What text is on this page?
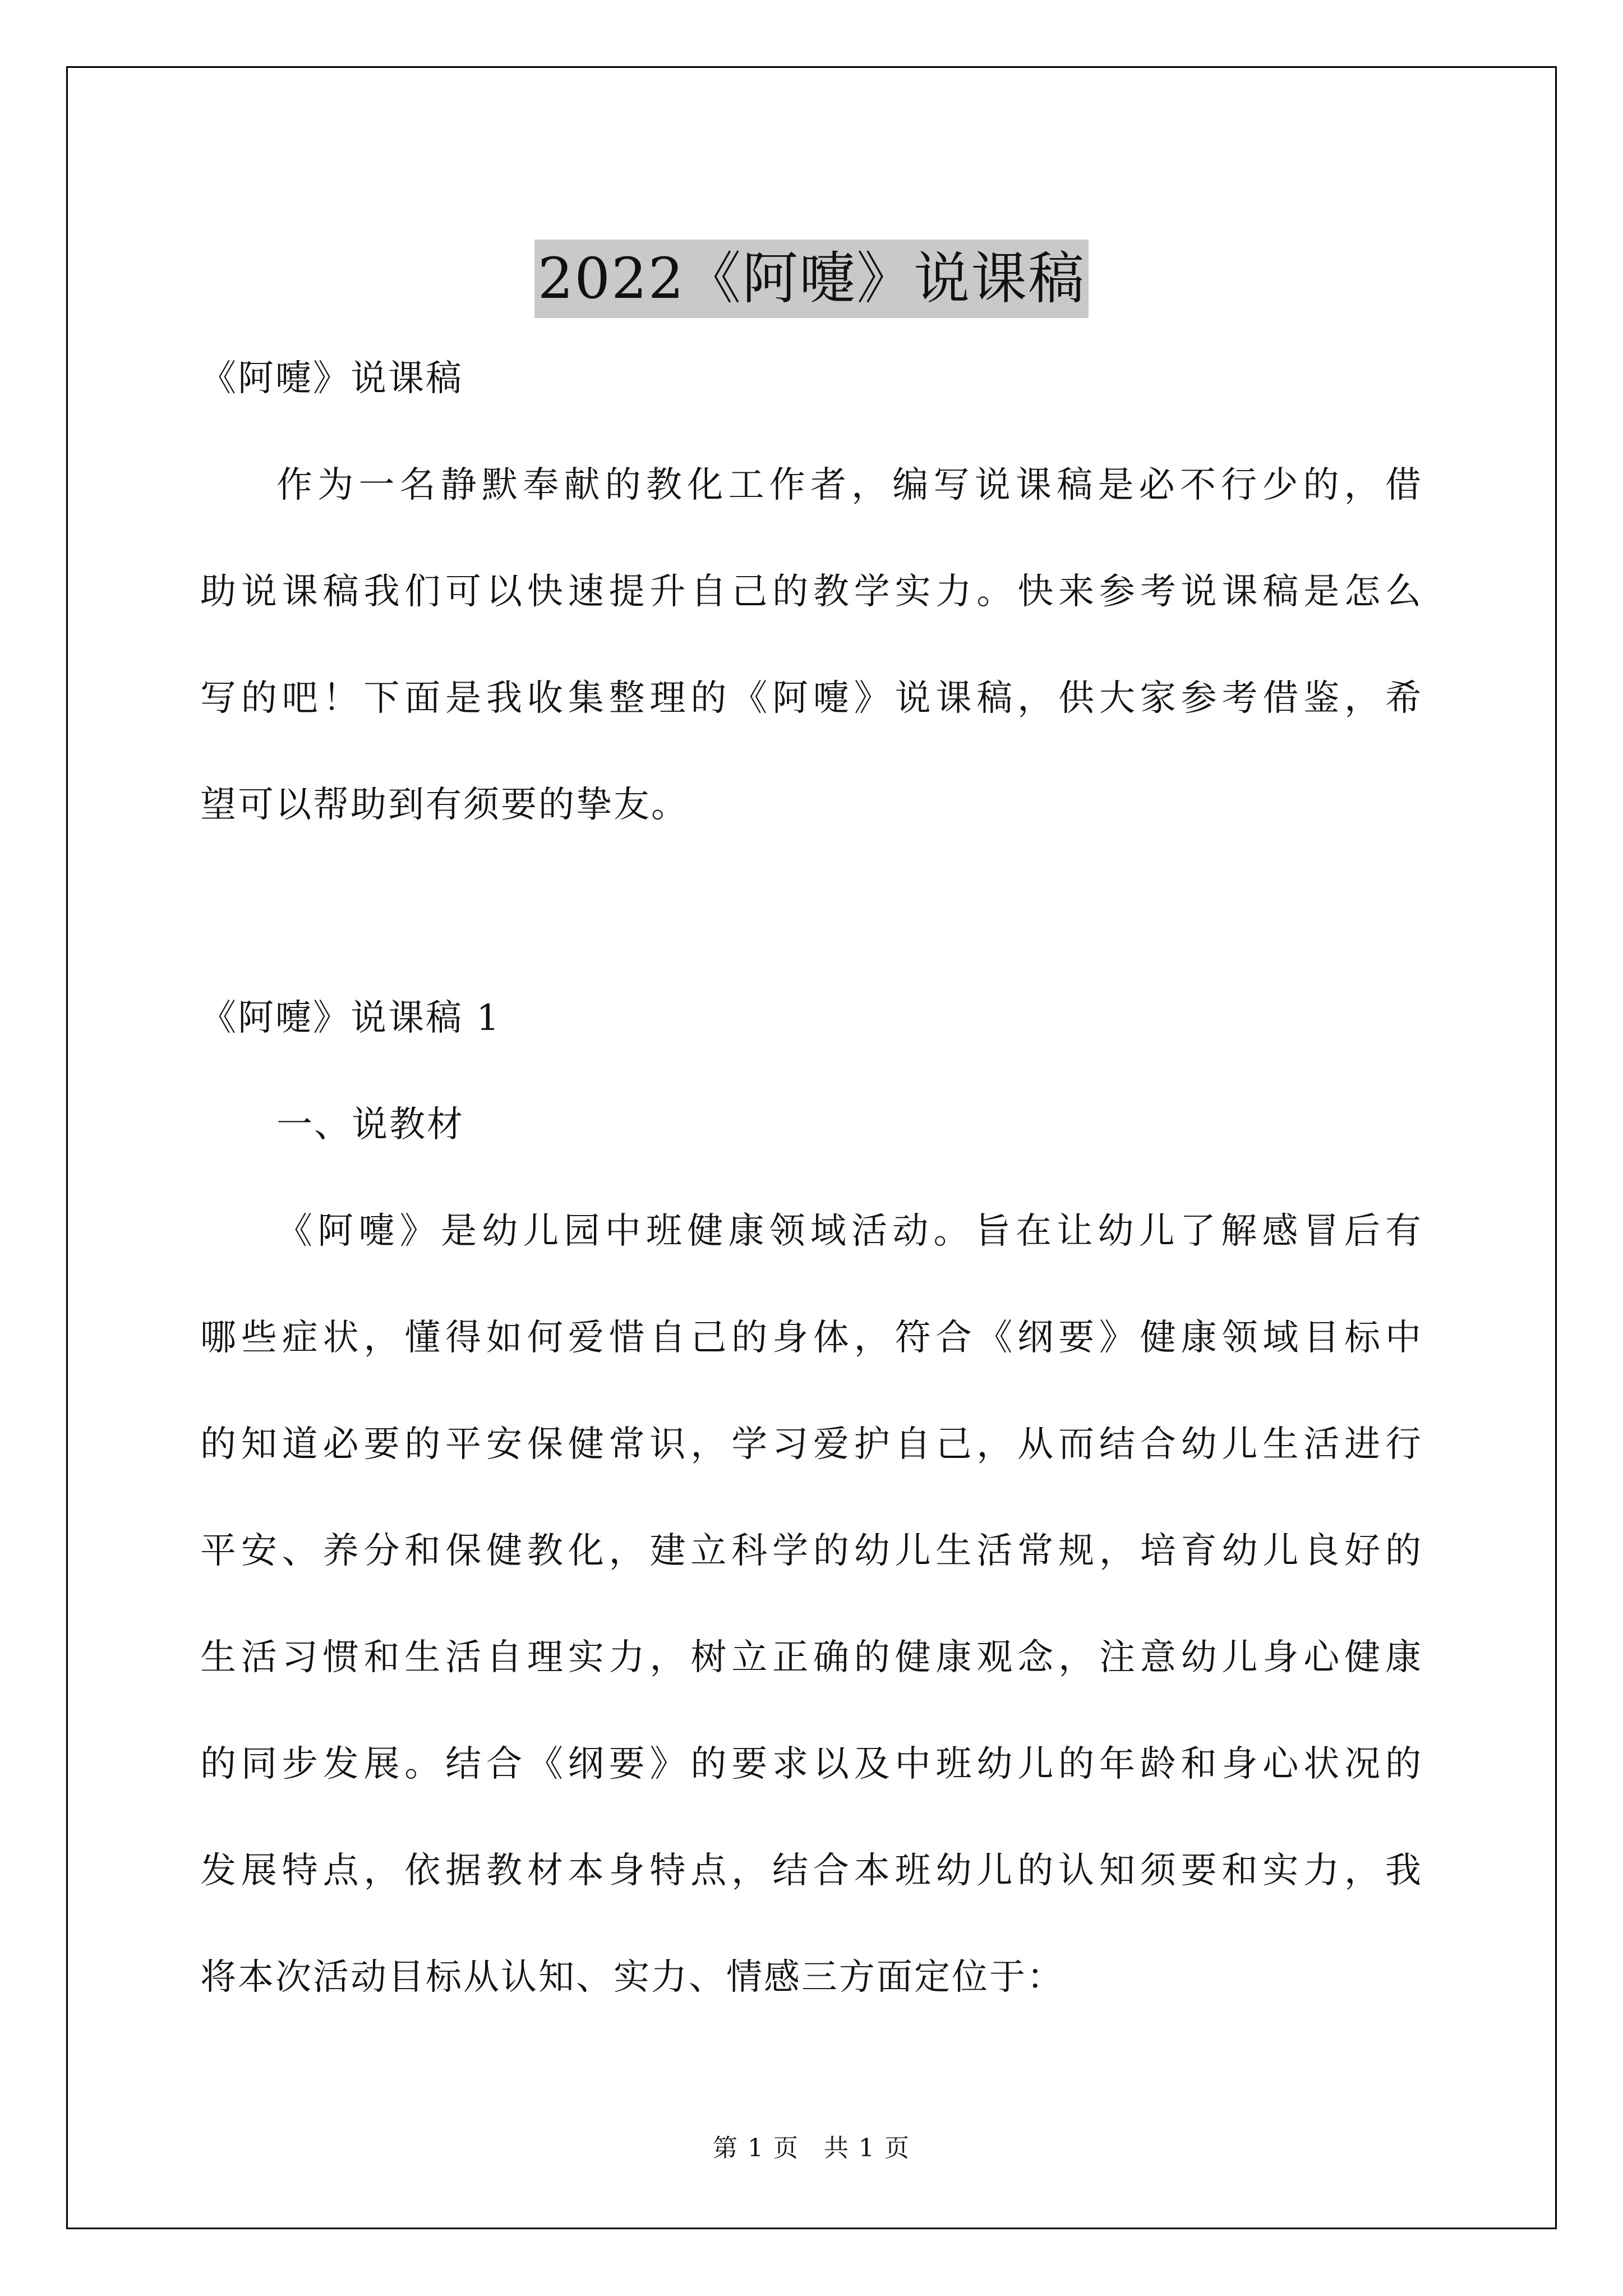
2022《阿嚏》说课稿
《阿嚏》说课稿
作为一名静默奉献的教化工作者，编写说课稿是必不行少的，借
助说课稿我们可以快速提升自己的教学实力。快来参考说课稿是怎么
写的吧！下面是我收集整理的《阿嚏》说课稿，供大家参考借鉴，希
望可以帮助到有须要的挚友。
《阿嚏》说课稿 1
一、说教材
《阿嚏》是幼儿园中班健康领域活动。旨在让幼儿了解感冒后有
哪些症状，懂得如何爱惜自己的身体，符合《纲要》健康领域目标中
的知道必要的平安保健常识，学习爱护自己，从而结合幼儿生活进行
平安、养分和保健教化，建立科学的幼儿生活常规，培育幼儿良好的
生活习惯和生活自理实力，树立正确的健康观念，注意幼儿身心健康
的同步发展。结合《纲要》的要求以及中班幼儿的年龄和身心状况的
发展特点，依据教材本身特点，结合本班幼儿的认知须要和实力，我
将本次活动目标从认知、实力、情感三方面定位于：
第 1 页 共 1 页
